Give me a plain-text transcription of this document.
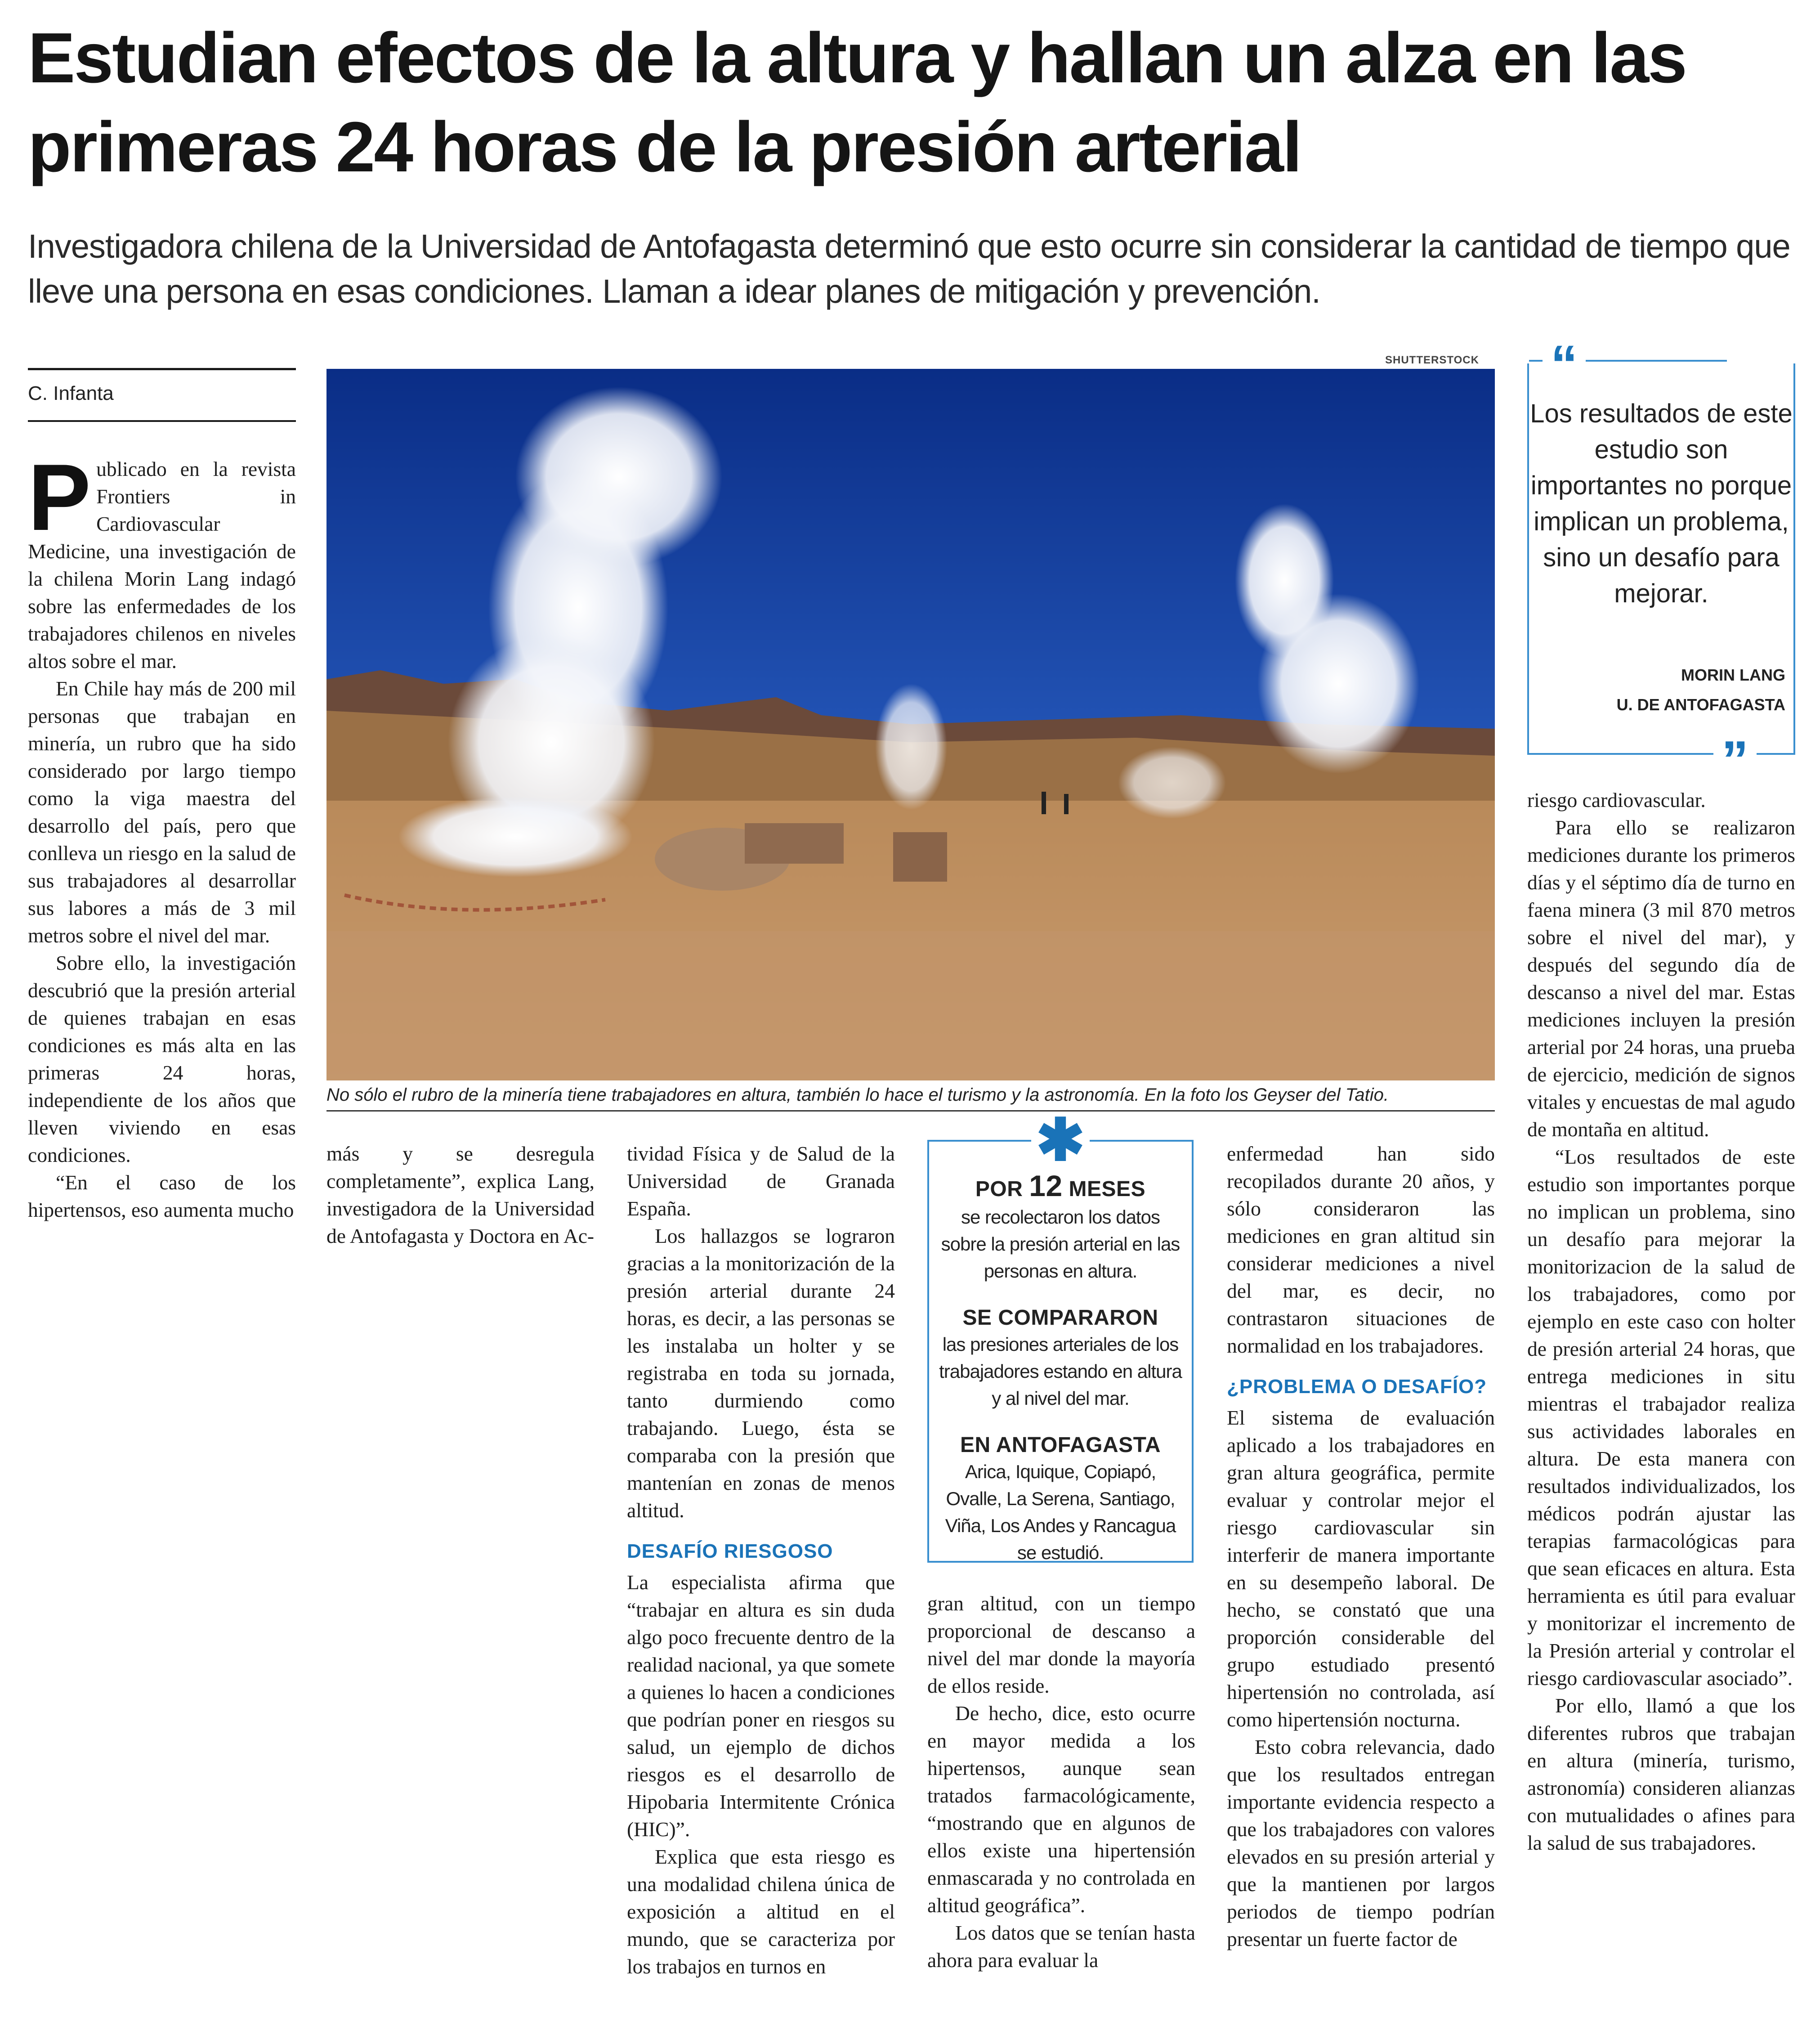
Estudian efectos de la altura y hallan un alza en las primeras 24 horas de la presión arterial

Investigadora chilena de la Universidad de Antofagasta determinó que esto ocurre sin considerar la cantidad de tiempo que lleve una persona en esas condiciones. Llaman a idear planes de mitigación y prevención.

C. Infanta

Publicado en la revista Frontiers in Cardiovascular Medicine, una investigación de la chilena Morin Lang indagó sobre las enfermedades de los trabajadores chilenos en niveles altos sobre el mar.

En Chile hay más de 200 mil personas que trabajan en minería, un rubro que ha sido considerado por largo tiempo como la viga maestra del desarrollo del país, pero que conlleva un riesgo en la salud de sus trabajadores al desarrollar sus labores a más de 3 mil metros sobre el nivel del mar.

Sobre ello, la investigación descubrió que la presión arterial de quienes trabajan en esas condiciones es más alta en las primeras 24 horas, independiente de los años que lleven viviendo en esas condiciones.

“En el caso de los hipertensos, eso aumenta mucho

SHUTTERSTOCK
No sólo el rubro de la minería tiene trabajadores en altura, también lo hace el turismo y la astronomía. En la foto los Geyser del Tatio.

más y se desregula completamente”, explica Lang, investigadora de la Universidad de Antofagasta y Doctora en Ac-

tividad Física y de Salud de la Universidad de Granada España.

Los hallazgos se lograron gracias a la monitorización de la presión arterial durante 24 horas, es decir, a las personas se les instalaba un holter y se registraba en toda su jornada, tanto durmiendo como trabajando. Luego, ésta se comparaba con la presión que mantenían en zonas de menos altitud.

DESAFÍO RIESGOSO

La especialista afirma que “trabajar en altura es sin duda algo poco frecuente dentro de la realidad nacional, ya que somete a quienes lo hacen a condiciones que podrían poner en riesgos su salud, un ejemplo de dichos riesgos es el desarrollo de Hipobaria Intermitente Crónica (HIC)”.

Explica que esta riesgo es una modalidad chilena única de exposición a altitud en el mundo, que se caracteriza por los trabajos en turnos en

✱
POR 12 MESES
se recolectaron los datos sobre la presión arterial en las personas en altura.
SE COMPARARON
las presiones arteriales de los trabajadores estando en altura y al nivel del mar.
EN ANTOFAGASTA
Arica, Iquique, Copiapó, Ovalle, La Serena, Santiago, Viña, Los Andes y Rancagua se estudió.

gran altitud, con un tiempo proporcional de descanso a nivel del mar donde la mayoría de ellos reside.

De hecho, dice, esto ocurre en mayor medida a los hipertensos, aunque sean tratados farmacológicamente, “mostrando que en algunos de ellos existe una hipertensión enmascarada y no controlada en altitud geográfica”.

Los datos que se tenían hasta ahora para evaluar la

enfermedad han sido recopilados durante 20 años, y sólo consideraron las mediciones en gran altitud sin considerar mediciones a nivel del mar, es decir, no contrastaron situaciones de normalidad en los trabajadores.

¿PROBLEMA O DESAFÍO?

El sistema de evaluación aplicado a los trabajadores en gran altura geográfica, permite evaluar y controlar mejor el riesgo cardiovascular sin interferir de manera importante en su desempeño laboral. De hecho, se constató que una proporción considerable del grupo estudiado presentó hipertensión no controlada, así como hipertensión nocturna.

Esto cobra relevancia, dado que los resultados entregan importante evidencia respecto a que los trabajadores con valores elevados en su presión arterial y que la mantienen por largos periodos de tiempo podrían presentar un fuerte factor de

“
Los resultados de este estudio son importantes no porque implican un problema, sino un desafío para mejorar.
MORIN LANG
U. DE ANTOFAGASTA
”

riesgo cardiovascular.

Para ello se realizaron mediciones durante los primeros días y el séptimo día de turno en faena minera (3 mil 870 metros sobre el nivel del mar), y después del segundo día de descanso a nivel del mar. Estas mediciones incluyen la presión arterial por 24 horas, una prueba de ejercicio, medición de signos vitales y encuestas de mal agudo de montaña en altitud.

“Los resultados de este estudio son importantes porque no implican un problema, sino un desafío para mejorar la monitorizacion de la salud de los trabajadores, como por ejemplo en este caso con holter de presión arterial 24 horas, que entrega mediciones in situ mientras el trabajador realiza sus actividades laborales en altura. De esta manera con resultados individualizados, los médicos podrán ajustar las terapias farmacológicas para que sean eficaces en altura. Esta herramienta es útil para evaluar y monitorizar el incremento de la Presión arterial y controlar el riesgo cardiovascular asociado”.

Por ello, llamó a que los diferentes rubros que trabajan en altura (minería, turismo, astronomía) consideren alianzas con mutualidades o afines para la salud de sus trabajadores.
